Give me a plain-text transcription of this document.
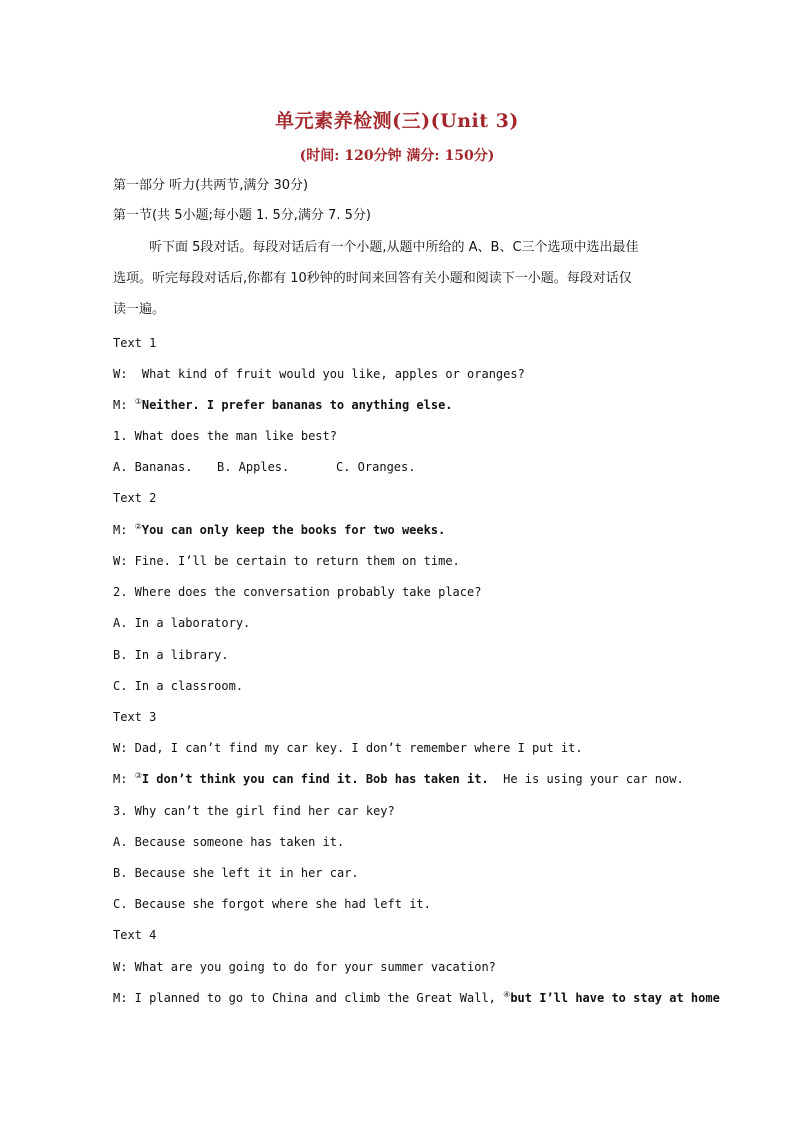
单元素养检测(三)(Unit 3)
(时间: 120分钟 满分: 150分)
第一部分 听力(共两节,满分 30分)
第一节(共 5小题;每小题 1. 5分,满分 7. 5分)
听下面 5段对话。每段对话后有一个小题,从题中所给的 A、B、C三个选项中选出最佳
选项。听完每段对话后,你都有 10秒钟的时间来回答有关小题和阅读下一小题。每段对话仅
读一遍。
Text 1
W: What kind of fruit would you like, apples or oranges?
M: ①Neither. I prefer bananas to anything else.
1. What does the man like best?
A. Bananas. B. Apples.	C. Oranges.
Text 2
M: ②You can only keep the books for two weeks.
W: Fine. I’ll be certain to return them on time.
2. Where does the conversation probably take place?
A. In a laboratory.
B. In a library.
C. In a classroom.
Text 3
W: Dad, I can’t find my car key. I don’t remember where I put it.
M: ③I don’t think you can find it. Bob has taken it. He is using your car now.
3. Why can’t the girl find her car key?
A. Because someone has taken it.
B. Because she left it in her car.
C. Because she forgot where she had left it.
Text 4
W: What are you going to do for your summer vacation?
M: I planned to go to China and climb the Great Wall, ④but I’ll have to stay at home
